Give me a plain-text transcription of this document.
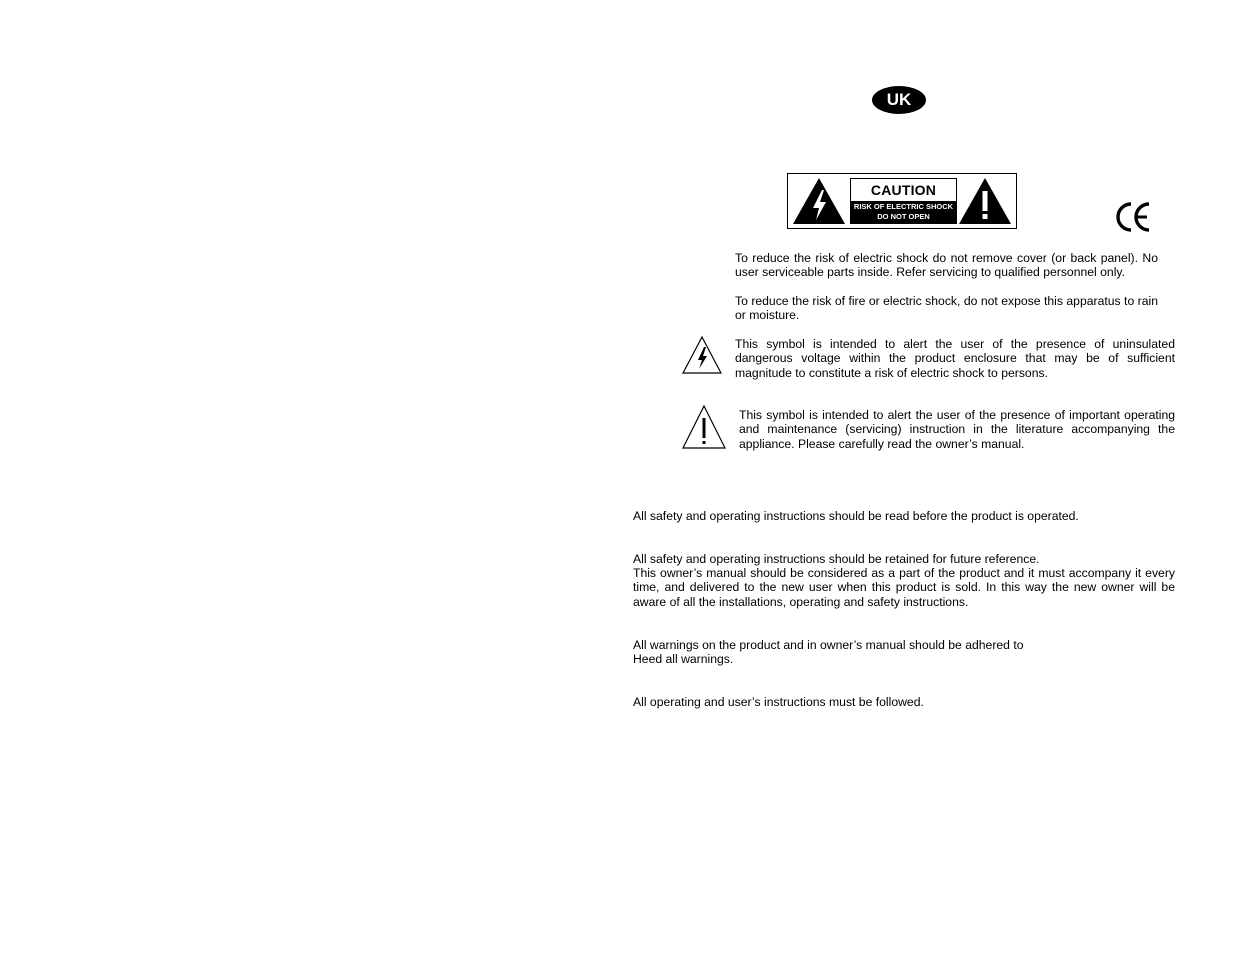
UK
CAUTION
RISK OF ELECTRIC SHOCK
DO NOT OPEN
To reduce the risk of electric shock do not remove cover (or back panel). No user serviceable parts inside. Refer servicing to qualified personnel only.
To reduce the risk of fire or electric shock, do not expose this apparatus to rain or moisture.
This symbol is intended to alert the user of the presence of uninsulated dangerous voltage within the product enclosure that may be of sufficient magnitude to constitute a risk of electric shock to persons.
This symbol is intended to alert the user of the presence of important operating and maintenance (servicing) instruction in the literature accompanying the appliance. Please carefully read the owner’s manual.
All safety and operating instructions should be read before the product is operated.
All safety and operating instructions should be retained for future reference.
This owner’s manual should be considered as a part of the product and it must accompany it every time, and delivered to the new user when this product is sold. In this way the new owner will be aware of all the installations, operating and safety instructions.
All warnings on the product and in owner’s manual should be adhered to
Heed all warnings.
All operating and user’s instructions must be followed.
